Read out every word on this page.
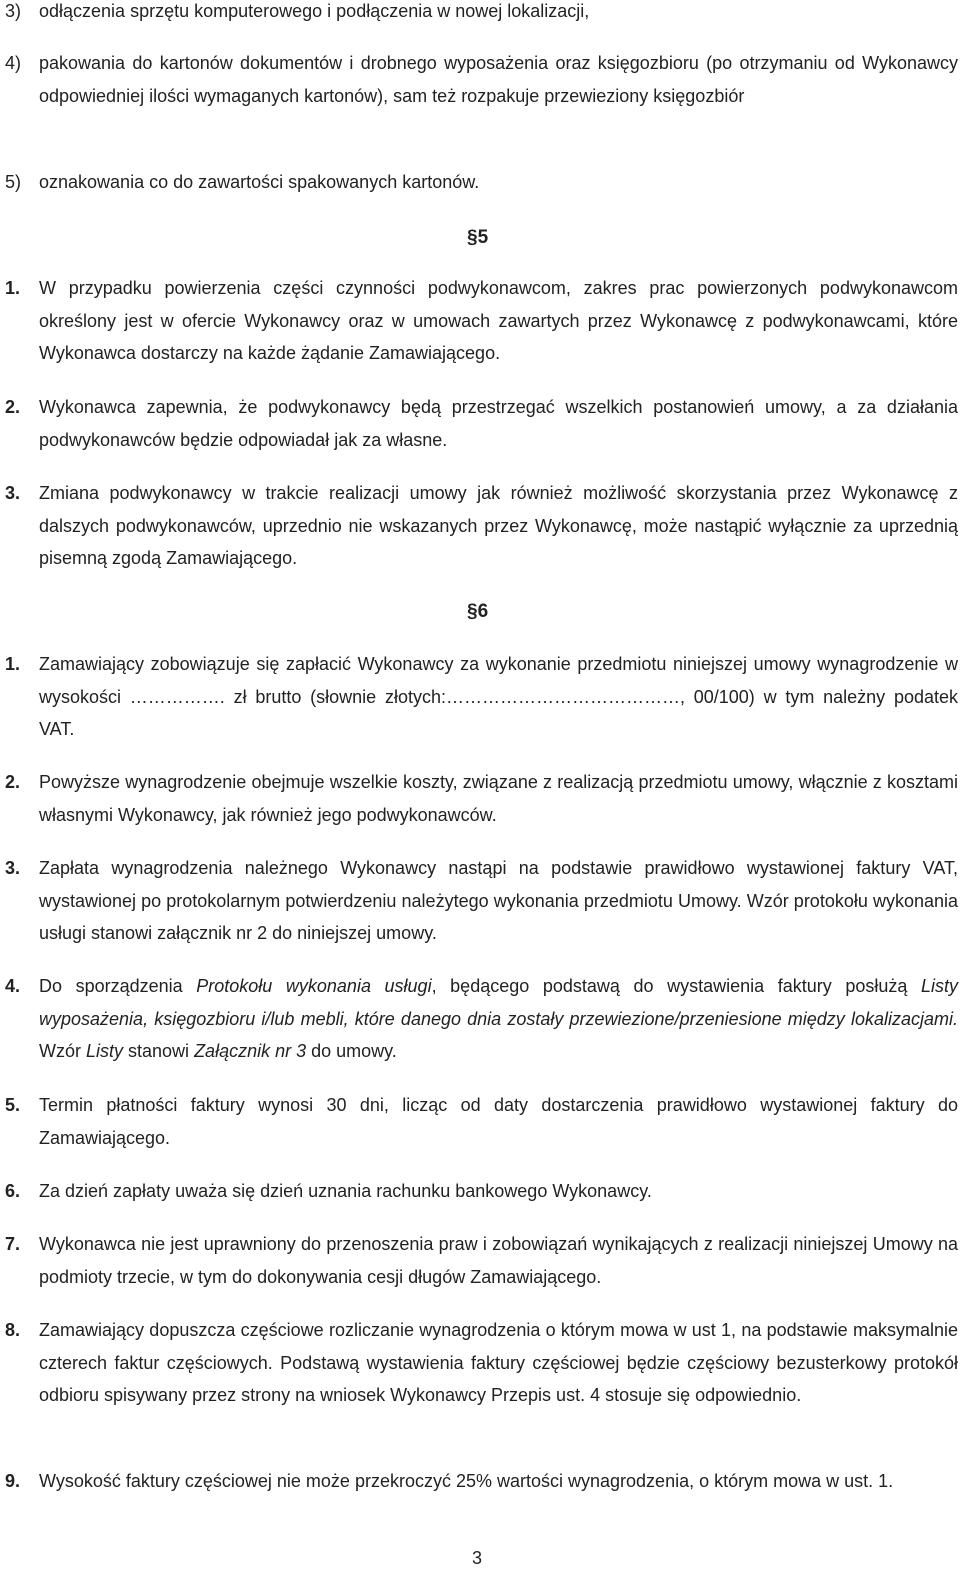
3) odłączenia sprzętu komputerowego i podłączenia w nowej lokalizacji,
4) pakowania do kartonów dokumentów i drobnego wyposażenia oraz księgozbioru (po otrzymaniu od Wykonawcy odpowiedniej ilości wymaganych kartonów), sam też rozpakuje przewieziony księgozbiór
5) oznakowania co do zawartości spakowanych kartonów.
§5
1.	W przypadku powierzenia części czynności podwykonawcom, zakres prac powierzonych podwykonawcom określony jest w ofercie Wykonawcy oraz w umowach zawartych przez Wykonawcę z podwykonawcami, które Wykonawca dostarczy na każde żądanie Zamawiającego.
2.	Wykonawca zapewnia, że podwykonawcy będą przestrzegać wszelkich postanowień umowy, a za działania podwykonawców będzie odpowiadał jak za własne.
3.	Zmiana podwykonawcy w trakcie realizacji umowy jak również możliwość skorzystania przez Wykonawcę z dalszych podwykonawców, uprzednio nie wskazanych przez Wykonawcę, może nastąpić wyłącznie za uprzednią pisemną zgodą Zamawiającego.
§6
1.	Zamawiający zobowiązuje się zapłacić Wykonawcy za wykonanie przedmiotu niniejszej umowy wynagrodzenie w wysokości ……………. zł brutto (słownie złotych:…………………………………, 00/100) w tym należny podatek VAT.
2.	Powyższe wynagrodzenie obejmuje wszelkie koszty, związane z realizacją przedmiotu umowy, włącznie z kosztami własnymi Wykonawcy, jak również jego podwykonawców.
3.	Zapłata wynagrodzenia należnego Wykonawcy nastąpi na podstawie prawidłowo wystawionej faktury VAT, wystawionej po protokolarnym potwierdzeniu należytego wykonania przedmiotu Umowy. Wzór protokołu wykonania usługi stanowi załącznik nr 2 do niniejszej umowy.
4.	Do sporządzenia Protokołu wykonania usługi, będącego podstawą do wystawienia faktury posłużą Listy wyposażenia, księgozbioru i/lub mebli, które danego dnia zostały przewiezione/przeniesione między lokalizacjami. Wzór Listy stanowi Załącznik nr 3 do umowy.
5.	Termin płatności faktury wynosi 30 dni, licząc od daty dostarczenia prawidłowo wystawionej faktury do Zamawiającego.
6.	Za dzień zapłaty uważa się dzień uznania rachunku bankowego Wykonawcy.
7.	Wykonawca nie jest uprawniony do przenoszenia praw i zobowiązań wynikających z realizacji niniejszej Umowy na podmioty trzecie, w tym do dokonywania cesji długów Zamawiającego.
8.	Zamawiający dopuszcza częściowe rozliczanie wynagrodzenia o którym mowa w ust 1, na podstawie maksymalnie czterech faktur częściowych. Podstawą wystawienia faktury częściowej będzie częściowy bezusterkowy protokół odbioru spisywany przez strony na wniosek Wykonawcy Przepis ust. 4 stosuje się odpowiednio.
9.	Wysokość faktury częściowej nie może przekroczyć 25% wartości wynagrodzenia, o którym mowa w ust. 1.
3
